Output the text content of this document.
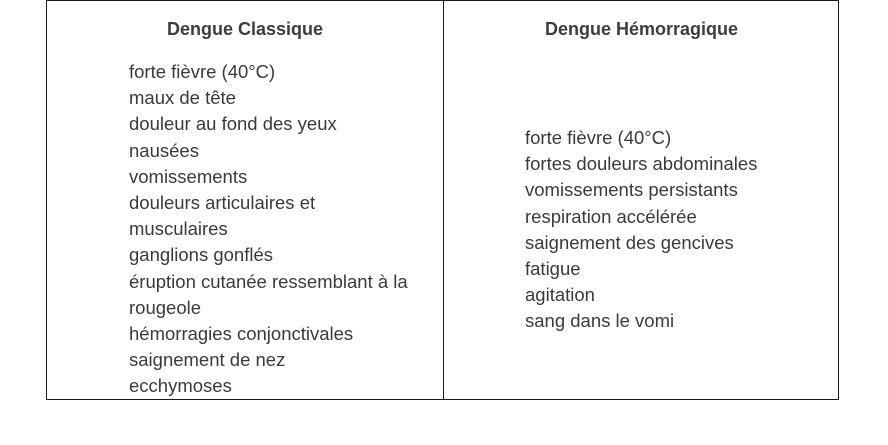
Dengue Classique	Dengue Hémorragique
forte fièvre (40°C)
maux de tête
douleur au fond des yeux
nausées
vomissements
douleurs articulaires et
musculaires
ganglions gonflés
éruption cutanée ressemblant à la
rougeole
hémorragies conjonctivales
saignement de nez
ecchymoses
forte fièvre (40°C)
fortes douleurs abdominales
vomissements persistants
respiration accélérée
saignement des gencives
fatigue
agitation
sang dans le vomi
